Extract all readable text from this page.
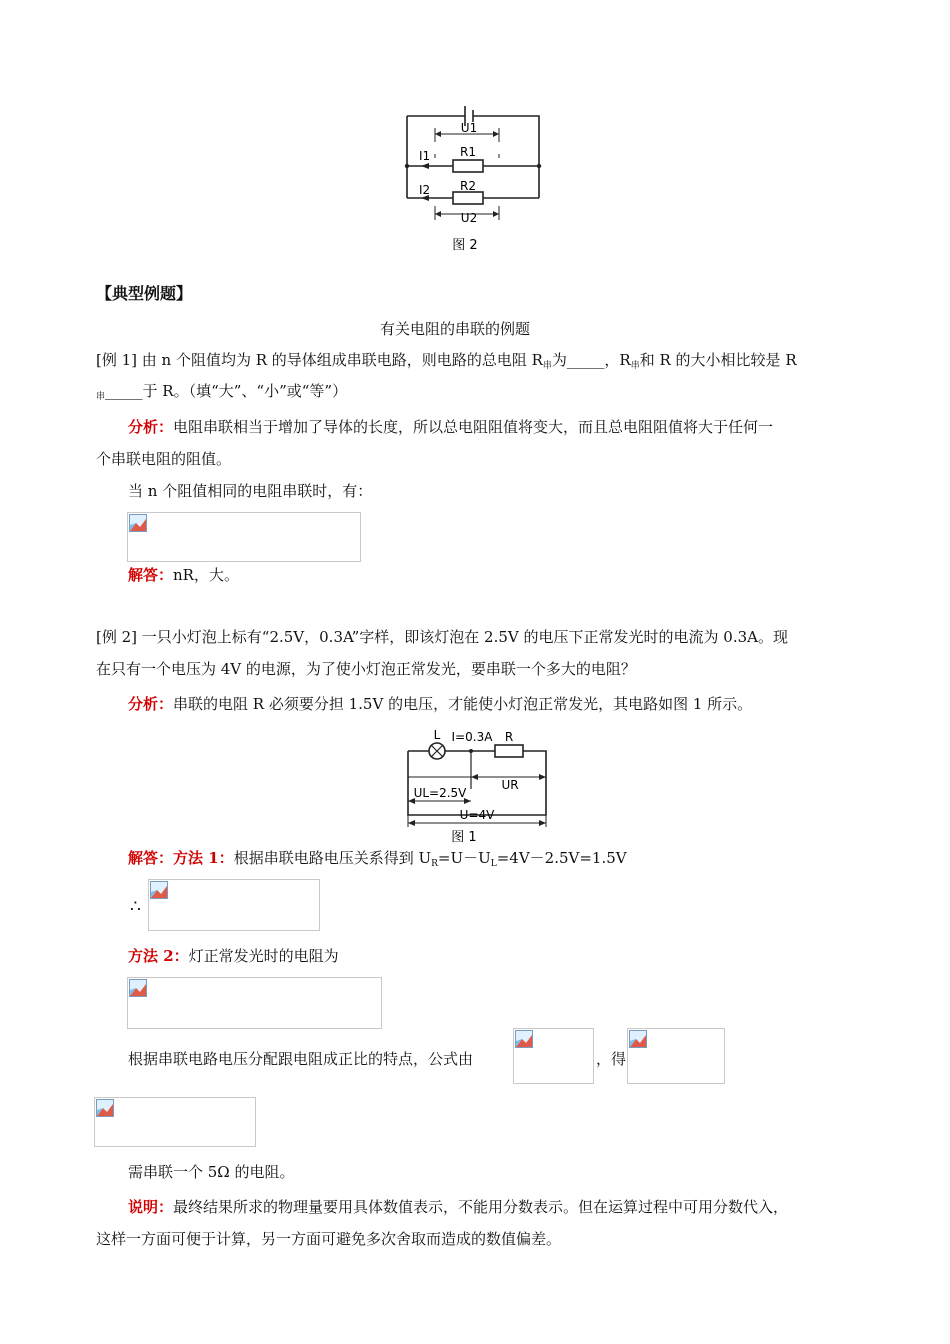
U1
R1
I1
R2
I2
U2
图 2
【典型例题】
有关电阻的串联的例题
[例 1] 由 n 个阻值均为 R 的导体组成串联电路，则电路的总电阻 $R_串$为_____，$R_串$和 R 的大小相比较是 R
$_串$_____于 R。（填“大”、“小”或“等”）
分析：电阻串联相当于增加了导体的长度，所以总电阻阻值将变大，而且总电阻阻值将大于任何一
个串联电阻的阻值。
当 n 个阻值相同的电阻串联时，有：
解答：nR，大。
[例 2] 一只小灯泡上标有“2.5V，0.3A”字样，即该灯泡在 2.5V 的电压下正常发光时的电流为 0.3A。现
在只有一个电压为 4V 的电源，为了使小灯泡正常发光，要串联一个多大的电阻？
分析：串联的电阻 R 必须要分担 1.5V 的电压，才能使小灯泡正常发光，其电路如图 1 所示。
L I=0.3A R
UR
UL=2.5V
U=4V
图 1
解答：方法 1：根据串联电路电压关系得到 $U_R=U-U_L=4V-2.5V=1.5V$
∴
方法 2：灯正常发光时的电阻为
根据串联电路电压分配跟电阻成正比的特点，公式由	，得
需串联一个 5Ω 的电阻。
说明：最终结果所求的物理量要用具体数值表示，不能用分数表示。但在运算过程中可用分数代入，
这样一方面可便于计算，另一方面可避免多次舍取而造成的数值偏差。
